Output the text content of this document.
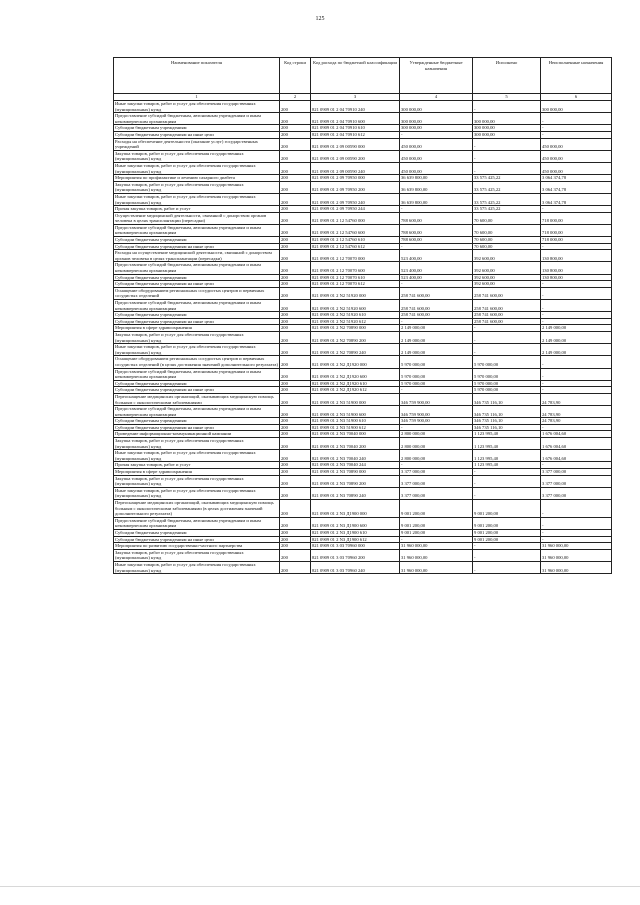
125
Наименование показателя	Код строки	Код расхода по бюджетной классификации	Утвержденные бюджетные назначения	Исполнено	Неисполненные назначения
1	2	3	4	5	6
Иные закупки товаров, работ и услуг для обеспечения государственных (муниципальных) нужд	200	821 0909 01 2 04 70910 240	300 000,00	-	300 000,00
Предоставление субсидий бюджетным, автономным учреждениям и иным некоммерческим организациям	200	821 0909 01 2 04 70910 600	300 000,00	300 000,00	-
Субсидии бюджетным учреждениям	200	821 0909 01 2 04 70910 610	300 000,00	300 000,00	-
Субсидии бюджетным учреждениям на иные цели	200	821 0909 01 2 04 70910 612	-	300 000,00	-
Расходы на обеспечение деятельности (оказание услуг) государственных учреждений	200	821 0909 01 2 09 00590 000	450 000,00	-	450 000,00
Закупка товаров, работ и услуг для обеспечения государственных (муниципальных) нужд	200	821 0909 01 2 09 00590 200	450 000,00	-	450 000,00
Иные закупки товаров, работ и услуг для обеспечения государственных (муниципальных) нужд	200	821 0909 01 2 09 00590 240	450 000,00	-	450 000,00
Мероприятия по профилактике и лечению сахарного диабета	200	821 0909 01 2 09 70950 000	36 639 800,00	33 575 425,22	3 064 374,78
Закупка товаров, работ и услуг для обеспечения государственных (муниципальных) нужд	200	821 0909 01 2 09 70950 200	36 639 800,00	33 575 425,22	3 064 374,78
Иные закупки товаров, работ и услуг для обеспечения государственных (муниципальных) нужд	200	821 0909 01 2 09 70950 240	36 639 800,00	33 575 425,22	3 064 374,78
Прочая закупка товаров, работ и услуг	200	821 0909 01 2 09 70950 244	-	33 575 425,22	-
Осуществление медицинской деятельности, связанной с донорством органов человека в целях трансплантации (пересадки)	200	821 0909 01 2 12 54760 000	788 600,00	70 600,00	718 000,00
Предоставление субсидий бюджетным, автономным учреждениям и иным некоммерческим организациям	200	821 0909 01 2 12 54760 600	788 600,00	70 600,00	718 000,00
Субсидии бюджетным учреждениям	200	821 0909 01 2 12 54760 610	788 600,00	70 600,00	718 000,00
Субсидии бюджетным учреждениям на иные цели	200	821 0909 01 2 12 54760 612	-	70 600,00	-
Расходы на осуществление медицинской деятельности, связанной с донорством органов человека в целях трансплантации (пересадки)	200	821 0909 01 2 12 70070 000	523 400,00	392 600,00	130 800,00
Предоставление субсидий бюджетным, автономным учреждениям и иным некоммерческим организациям	200	821 0909 01 2 12 70070 600	523 400,00	392 600,00	130 800,00
Субсидии бюджетным учреждениям	200	821 0909 01 2 12 70070 610	523 400,00	392 600,00	130 800,00
Субсидии бюджетным учреждениям на иные цели	200	821 0909 01 2 12 70070 612	-	392 600,00	-
Оснащение оборудованием региональных сосудистых центров и первичных сосудистых отделений	200	821 0909 01 2 N2 51920 000	258 741 600,00	258 741 600,00	-
Предоставление субсидий бюджетным, автономным учреждениям и иным некоммерческим организациям	200	821 0909 01 2 N2 51920 600	258 741 600,00	258 741 600,00	-
Субсидии бюджетным учреждениям	200	821 0909 01 2 N2 51920 610	258 741 600,00	258 741 600,00	-
Субсидии бюджетным учреждениям на иные цели	200	821 0909 01 2 N2 51920 612	-	258 741 600,00	-
Мероприятия в сфере здравоохранения	200	821 0909 01 2 N2 70890 000	2 149 000,00	-	2 149 000,00
Закупка товаров, работ и услуг для обеспечения государственных (муниципальных) нужд	200	821 0909 01 2 N2 70890 200	2 149 000,00	-	2 149 000,00
Иные закупки товаров, работ и услуг для обеспечения государственных (муниципальных) нужд	200	821 0909 01 2 N2 70890 240	2 149 000,00	-	2 149 000,00
Оснащение оборудованием региональных сосудистых центров и первичных сосудистых отделений (в целях достижения значений дополнительного результата)	200	821 0909 01 2 N2 Д1920 000	5 970 000,00	5 970 000,00	-
Предоставление субсидий бюджетным, автономным учреждениям и иным некоммерческим организациям	200	821 0909 01 2 N2 Д1920 600	5 970 000,00	5 970 000,00	-
Субсидии бюджетным учреждениям	200	821 0909 01 2 N2 Д1920 610	5 970 000,00	5 970 000,00	-
Субсидии бюджетным учреждениям на иные цели	200	821 0909 01 2 N2 Д1920 612	-	5 970 000,00	-
Переоснащение медицинских организаций, оказывающих медицинскую помощь больным с онкологическими заболеваниями	200	821 0909 01 2 N3 51900 000	346 759 900,00	346 735 116,10	24 783,90
Предоставление субсидий бюджетным, автономным учреждениям и иным некоммерческим организациям	200	821 0909 01 2 N3 51900 600	346 759 900,00	346 735 116,10	24 783,90
Субсидии бюджетным учреждениям	200	821 0909 01 2 N3 51900 610	346 759 900,00	346 735 116,10	24 783,90
Субсидии бюджетным учреждениям на иные цели	200	821 0909 01 2 N3 51900 612	-	346 735 116,10	-
Проведение информационно-коммуникационной кампании	200	821 0909 01 2 N3 70040 000	2 800 000,00	1 123 995,40	1 676 004,60
Закупка товаров, работ и услуг для обеспечения государственных (муниципальных) нужд	200	821 0909 01 2 N3 70040 200	2 800 000,00	1 123 995,40	1 676 004,60
Иные закупки товаров, работ и услуг для обеспечения государственных (муниципальных) нужд	200	821 0909 01 2 N3 70040 240	2 800 000,00	1 123 995,40	1 676 004,60
Прочая закупка товаров, работ и услуг	200	821 0909 01 2 N3 70040 244	-	1 123 995,40	-
Мероприятия в сфере здравоохранения	200	821 0909 01 2 N3 70890 000	3 377 000,00	-	3 377 000,00
Закупка товаров, работ и услуг для обеспечения государственных (муниципальных) нужд	200	821 0909 01 2 N3 70890 200	3 377 000,00	-	3 377 000,00
Иные закупки товаров, работ и услуг для обеспечения государственных (муниципальных) нужд	200	821 0909 01 2 N3 70890 240	3 377 000,00	-	3 377 000,00
Переоснащение медицинских организаций, оказывающих медицинскую помощь больным с онкологическими заболеваниями (в целях достижения значений дополнительного результата)	200	821 0909 01 2 N3 Д1900 000	9 001 200,00	9 001 200,00	-
Предоставление субсидий бюджетным, автономным учреждениям и иным некоммерческим организациям	200	821 0909 01 2 N3 Д1900 600	9 001 200,00	9 001 200,00	-
Субсидии бюджетным учреждениям	200	821 0909 01 2 N3 Д1900 610	9 001 200,00	9 001 200,00	-
Субсидии бюджетным учреждениям на иные цели	200	821 0909 01 2 N3 Д1900 612	-	9 001 200,00	-
Мероприятия по развитию государственно-частного партнерства	200	821 0909 01 3 03 70960 000	31 960 000,00	-	31 960 000,00
Закупка товаров, работ и услуг для обеспечения государственных (муниципальных) нужд	200	821 0909 01 3 03 70960 200	31 960 000,00	-	31 960 000,00
Иные закупки товаров, работ и услуг для обеспечения государственных (муниципальных) нужд	200	821 0909 01 3 03 70960 240	31 960 000,00	-	31 960 000,00
